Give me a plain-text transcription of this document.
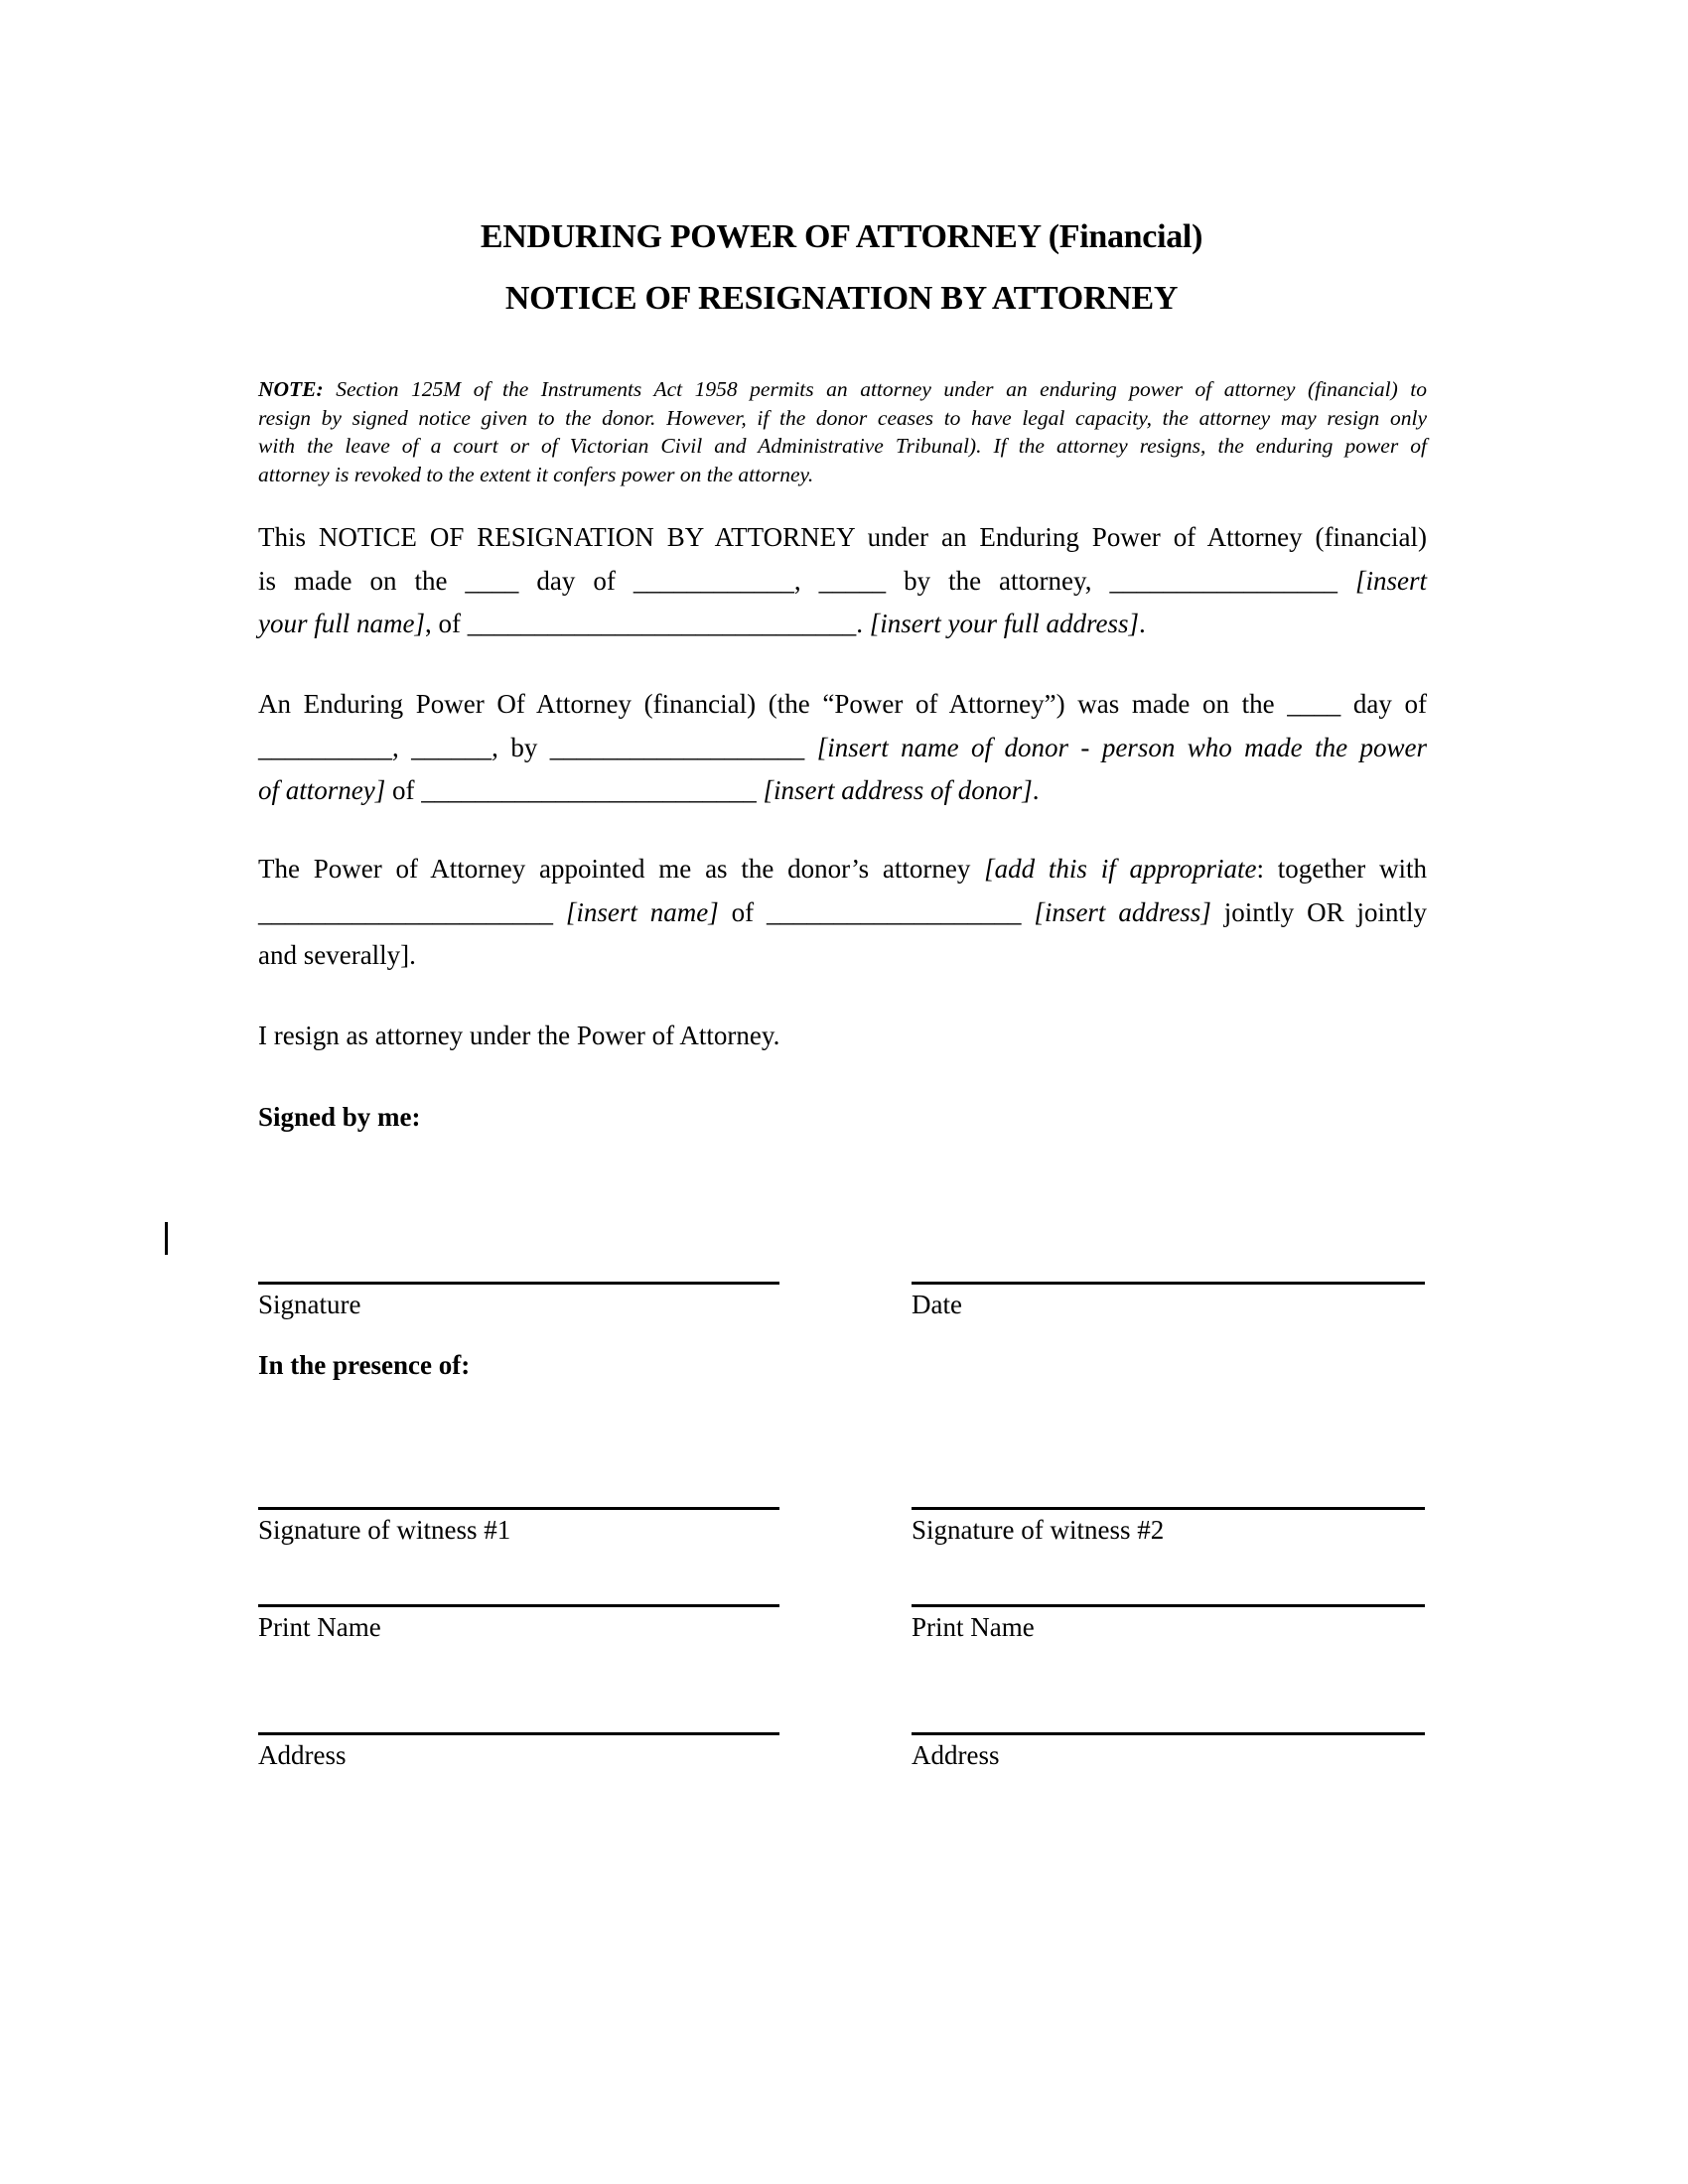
ENDURING POWER OF ATTORNEY (Financial)
NOTICE OF RESIGNATION BY ATTORNEY
NOTE: Section 125M of the Instruments Act 1958 permits an attorney under an enduring power of attorney (financial) to
resign by signed notice given to the donor. However, if the donor ceases to have legal capacity, the attorney may resign only
with the leave of a court or of Victorian Civil and Administrative Tribunal). If the attorney resigns, the enduring power of
attorney is revoked to the extent it confers power on the attorney.
This NOTICE OF RESIGNATION BY ATTORNEY under an Enduring Power of Attorney (financial)
is made on the ____ day of ____________, _____ by the attorney, _________________ [insert
your full name], of _____________________________. [insert your full address].
An Enduring Power Of Attorney (financial) (the “Power of Attorney”) was made on the ____ day of
__________, ______, by ___________________ [insert name of donor - person who made the power
of attorney] of _________________________ [insert address of donor].
The Power of Attorney appointed me as the donor’s attorney [add this if appropriate: together with
______________________ [insert name] of ___________________ [insert address] jointly OR jointly
and severally].
I resign as attorney under the Power of Attorney.
Signed by me:
Signature	Date
In the presence of:
Signature of witness #1	Signature of witness #2
Print Name	Print Name
Address	Address
